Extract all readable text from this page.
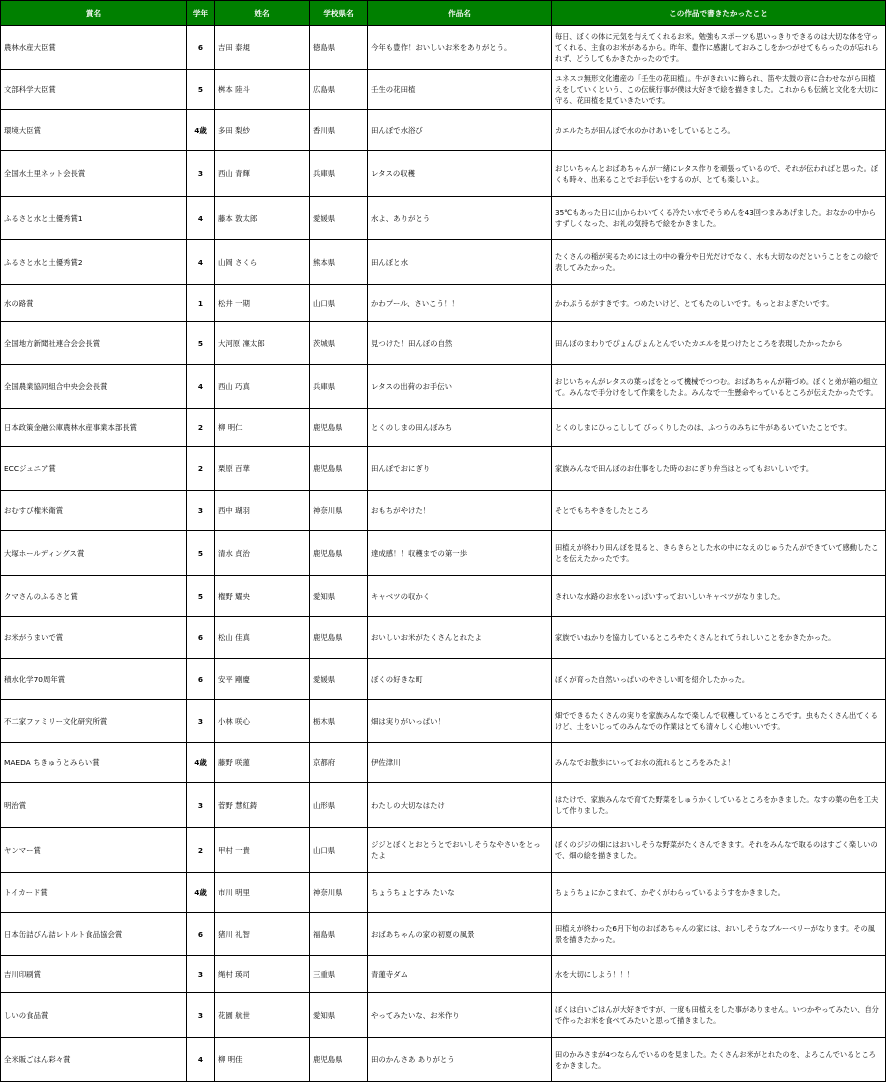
賞名	学年	姓名	学校県名	作品名	この作品で書きたかったこと
農林水産大臣賞	6	吉田 泰規	徳島県	今年も豊作！おいしいお米をありがとう。	毎日、ぼくの体に元気を与えてくれるお米。勉強もスポーツも思いっきりできるのは大切な体を守ってくれる、主食のお米があるから。昨年、豊作に感謝しておみこしをかつがせてもらったのが忘れられず、どうしてもかきたかったのです。
文部科学大臣賞	5	桝本 陸斗	広島県	壬生の花田植	ユネスコ無形文化遺産の「壬生の花田植」。牛がきれいに飾られ、笛や太鼓の音に合わせながら田植えをしていくという、この伝統行事が僕は大好きで絵を描きました。これからも伝統と文化を大切に守る、花田植を見ていきたいです。
環境大臣賞	4歳	多田 梨紗	香川県	田んぼで水浴び	カエルたちが田んぼで水のかけあいをしているところ。
全国水土里ネット会長賞	3	西山 青輝	兵庫県	レタスの収穫	おじいちゃんとおばあちゃんが一緒にレタス作りを頑張っているので、それが伝わればと思った。ぼくも時々、出来ることでお手伝いをするのが、とても楽しいよ。
ふるさと水と土優秀賞1	4	藤本 敦太郎	愛媛県	水よ、ありがとう	35℃もあった日に山からわいてくる冷たい水でそうめんを43回つまみあげました。おなかの中からすずしくなった、お礼の気持ちで絵をかきました。
ふるさと水と土優秀賞2	4	山岡 さくら	熊本県	田んぼと水	たくさんの稲が実るためには土の中の養分や日光だけでなく、水も大切なのだということをこの絵で表してみたかった。
水の路賞	1	松井 一期	山口県	かわプール、さいこう！！	かわぷうるがすきです。つめたいけど、とてもたのしいです。もっとおよぎたいです。
全国地方新聞社連合会会長賞	5	大河原 凜太郎	茨城県	見つけた！田んぼの自然	田んぼのまわりでぴょんぴょんとんでいたカエルを見つけたところを表現したかったから
全国農業協同組合中央会会長賞	4	西山 巧真	兵庫県	レタスの出荷のお手伝い	おじいちゃんがレタスの葉っぱをとって機械でつつむ。おばあちゃんが箱づめ。ぼくと弟が箱の組立て。みんなで手分けをして作業をしたよ。みんなで一生懸命やっているところが伝えたかったです。
日本政策金融公庫農林水産事業本部長賞	2	柳 明仁	鹿児島県	とくのしまの田んぼみち	とくのしまにひっこしして びっくりしたのは、ふつうのみちに牛があるいていたことです。
ECCジュニア賞	2	栗原 百華	鹿児島県	田んぼでおにぎり	家族みんなで田んぼのお仕事をした時のおにぎり弁当はとってもおいしいです。
おむすび権米衛賞	3	西中 瑚羽	神奈川県	おもちがやけた！	そとでもちやきをしたところ
大塚ホールディングス賞	5	清水 貞治	鹿児島県	達成感！！収穫までの第一歩	田植えが終わり田んぼを見ると、きらきらとした水の中になえのじゅうたんができていて感動したことを伝えたかったです。
クマさんのふるさと賞	5	権野 耀央	愛知県	キャベツの収かく	きれいな水路のお水をいっぱいすっておいしいキャベツがなりました。
お米がうまいで賞	6	松山 佳真	鹿児島県	おいしいお米がたくさんとれたよ	家族でいねかりを協力しているところやたくさんとれてうれしいことをかきたかった。
積水化学70周年賞	6	安平 剛慶	愛媛県	ぼくの好きな町	ぼくが育った自然いっぱいのやさしい町を紹介したかった。
不二家ファミリー文化研究所賞	3	小林 咲心	栃木県	畑は実りがいっぱい！	畑でできるたくさんの実りを家族みんなで楽しんで収穫しているところです。虫もたくさん出てくるけど、土をいじってのみんなでの作業はとても清々しく心地いいです。
MAEDA ちきゅうとみらい賞	4歳	藤野 咲蓮	京都府	伊佐津川	みんなでお散歩にいってお水の流れるところをみたよ！
明治賞	3	菅野 慧紅鋳	山形県	わたしの大切なはたけ	はたけで、家族みんなで育てた野菜をしゅうかくしているところをかきました。なすの葉の色を工夫して作りました。
ヤンマー賞	2	甲村 一貴	山口県	ジジとぼくとおとうとでおいしそうなやさいをとったよ	ぼくのジジの畑にはおいしそうな野菜がたくさんできます。それをみんなで取るのはすごく楽しいので、畑の絵を描きました。
トイカード賞	4歳	市川 明里	神奈川県	ちょうちょとすみ たいな	ちょうちょにかこまれて、かぞくがわらっているようすをかきました。
日本缶詰びん詰レトルト食品協会賞	6	猪川 礼智	福島県	おばあちゃんの家の初夏の風景	田植えが終わった6月下旬のおばあちゃんの家には、おいしそうなブルーベリーがなります。その風景を描きたかった。
吉川印刷賞	3	绳村 瑛司	三重県	青蓮寺ダム	水を大切にしよう！！！
しいの食品賞	3	花園 航世	愛知県	やってみたいな、お米作り	ぼくは白いごはんが大好きですが、一度も田植えをした事がありません。いつかやってみたい、自分で作ったお米を食べてみたいと思って描きました。
全米販ごはん彩々賞	4	柳 明佳	鹿児島県	田のかんさあ ありがとう	田のかみさまが4つならんでいるのを見ました。たくさんお米がとれたのを、よろこんでいるところをかきました。
